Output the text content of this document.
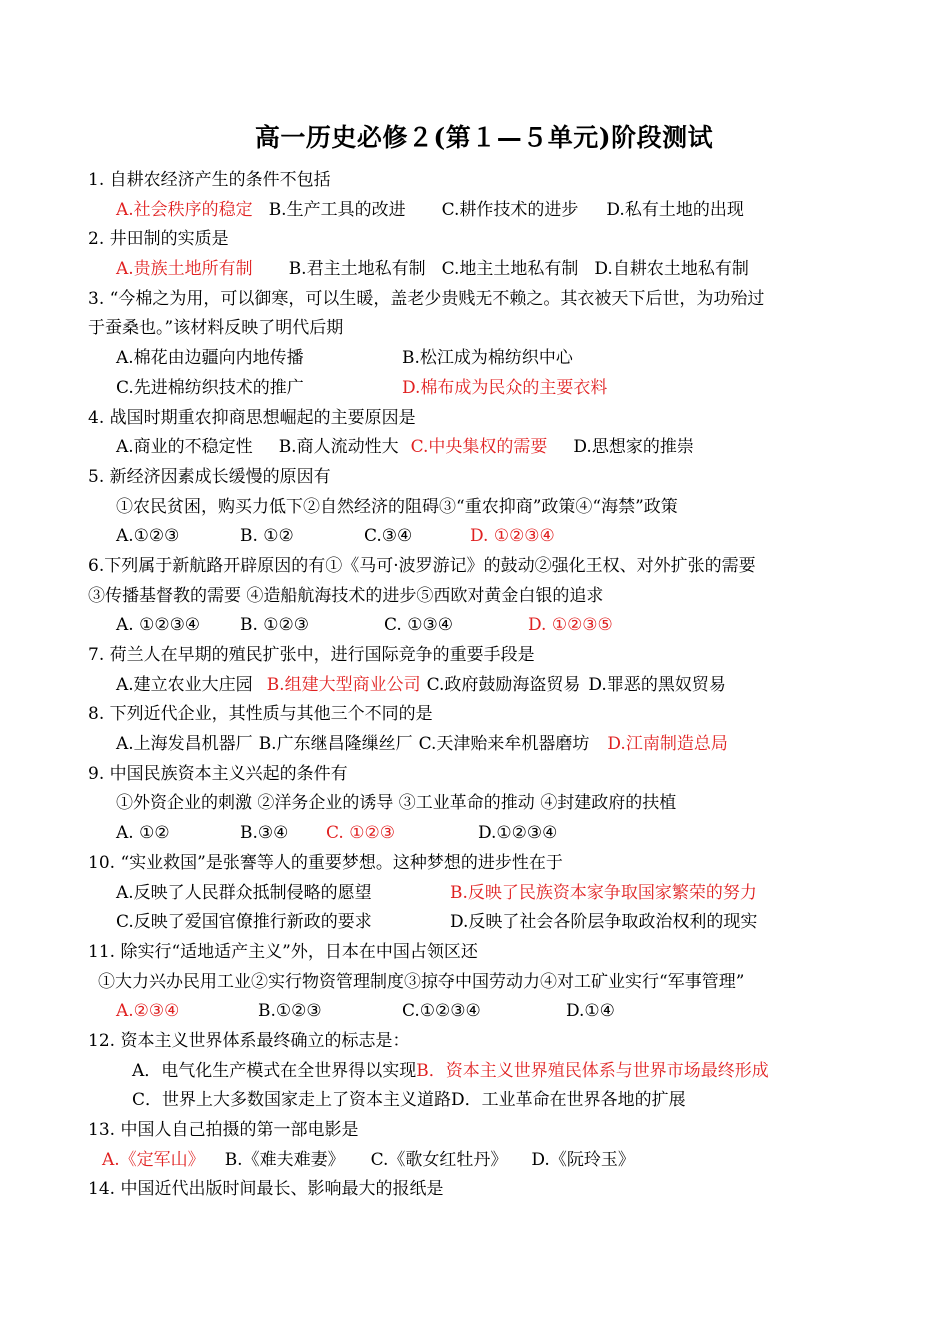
高一历史必修２(第１—５单元)阶段测试
1. 自耕农经济产生的条件不包括
A.社会秩序的稳定 B.生产工具的改进 C.耕作技术的进步 D.私有土地的出现
2. 井田制的实质是
A.贵族土地所有制 B.君主土地私有制 C.地主土地私有制 D.自耕农土地私有制
3. “今棉之为用，可以御寒，可以生暖，盖老少贵贱无不赖之。其衣被天下后世，为功殆过
于蚕桑也。”该材料反映了明代后期
A.棉花由边疆向内地传播	B.松江成为棉纺织中心
C.先进棉纺织技术的推广	D.棉布成为民众的主要衣料
4. 战国时期重农抑商思想崛起的主要原因是
A.商业的不稳定性 B.商人流动性大 C.中央集权的需要 D.思想家的推崇
5. 新经济因素成长缓慢的原因有
①农民贫困，购买力低下②自然经济的阻碍③“重农抑商”政策④“海禁”政策
A.①②③	B. ①②	C.③④	D. ①②③④
6.下列属于新航路开辟原因的有①《马可·波罗游记》的鼓动②强化王权、对外扩张的需要
③传播基督教的需要 ④造船航海技术的进步⑤西欧对黄金白银的追求
A. ①②③④ B. ①②③	C. ①③④	D. ①②③⑤
7. 荷兰人在早期的殖民扩张中，进行国际竞争的重要手段是
A.建立农业大庄园 B.组建大型商业公司 C.政府鼓励海盗贸易 D.罪恶的黑奴贸易
8. 下列近代企业，其性质与其他三个不同的是
A.上海发昌机器厂 B.广东继昌隆缫丝厂 C.天津贻来牟机器磨坊 D.江南制造总局
9. 中国民族资本主义兴起的条件有
①外资企业的刺激 ②洋务企业的诱导 ③工业革命的推动 ④封建政府的扶植
A. ①②	B.③④ C. ①②③	D.①②③④
10. “实业救国”是张謇等人的重要梦想。这种梦想的进步性在于
A.反映了人民群众抵制侵略的愿望	B.反映了民族资本家争取国家繁荣的努力
C.反映了爱国官僚推行新政的要求	D.反映了社会各阶层争取政治权利的现实
11. 除实行“适地适产主义”外，日本在中国占领区还
①大力兴办民用工业②实行物资管理制度③掠夺中国劳动力④对工矿业实行“军事管理”
A.②③④	B.①②③	C.①②③④	D.①④
12. 资本主义世界体系最终确立的标志是：
A．电气化生产模式在全世界得以实现B．资本主义世界殖民体系与世界市场最终形成
C．世界上大多数国家走上了资本主义道路D．工业革命在世界各地的扩展
13. 中国人自己拍摄的第一部电影是
A.《定军山》 B.《难夫难妻》 C.《歌女红牡丹》 D.《阮玲玉》
14. 中国近代出版时间最长、影响最大的报纸是
